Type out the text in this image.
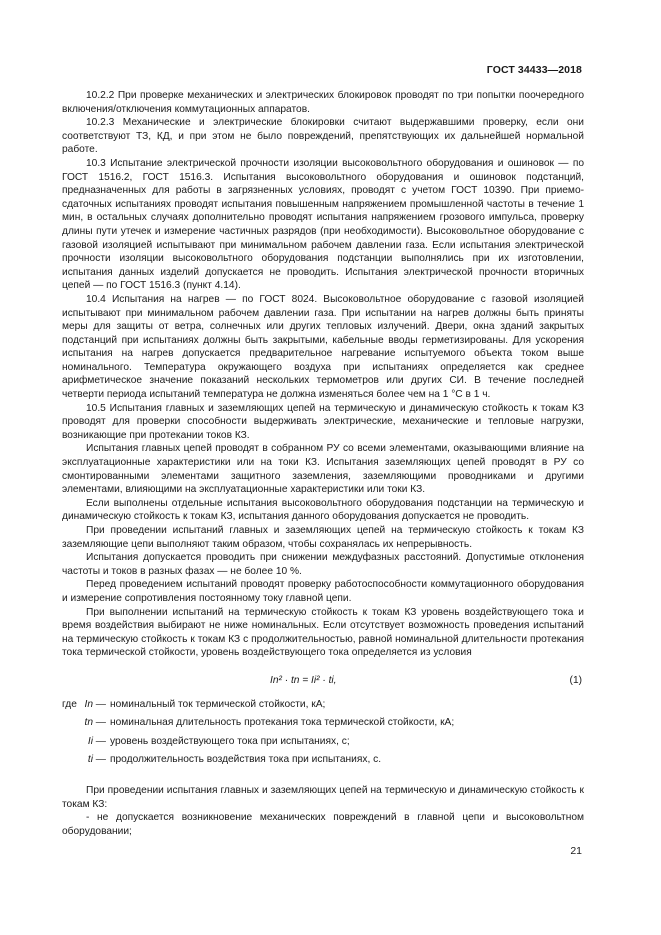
ГОСТ 34433—2018

10.2.2 При проверке механических и электрических блокировок проводят по три попытки поочередного включения/отключения коммутационных аппаратов.

10.2.3 Механические и электрические блокировки считают выдержавшими проверку, если они соответствуют ТЗ, КД, и при этом не было повреждений, препятствующих их дальнейшей нормальной работе.

10.3 Испытание электрической прочности изоляции высоковольтного оборудования и ошиновок — по ГОСТ 1516.2, ГОСТ 1516.3. Испытания высоковольтного оборудования и ошиновок подстанций, предназначенных для работы в загрязненных условиях, проводят с учетом ГОСТ 10390. При приемо-сдаточных испытаниях проводят испытания повышенным напряжением промышленной частоты в течение 1 мин, в остальных случаях дополнительно проводят испытания напряжением грозового импульса, проверку длины пути утечек и измерение частичных разрядов (при необходимости). Высоковольтное оборудование с газовой изоляцией испытывают при минимальном рабочем давлении газа. Если испытания электрической прочности изоляции высоковольтного оборудования подстанции выполнялись при их изготовлении, испытания данных изделий допускается не проводить. Испытания электрической прочности вторичных цепей — по ГОСТ 1516.3 (пункт 4.14).

10.4 Испытания на нагрев — по ГОСТ 8024. Высоковольтное оборудование с газовой изоляцией испытывают при минимальном рабочем давлении газа. При испытании на нагрев должны быть приняты меры для защиты от ветра, солнечных или других тепловых излучений. Двери, окна зданий закрытых подстанций при испытаниях должны быть закрытыми, кабельные вводы герметизированы. Для ускорения испытания на нагрев допускается предварительное нагревание испытуемого объекта током выше номинального. Температура окружающего воздуха при испытаниях определяется как среднее арифметическое значение показаний нескольких термометров или других СИ. В течение последней четверти периода испытаний температура не должна изменяться более чем на 1 °С в 1 ч.

10.5 Испытания главных и заземляющих цепей на термическую и динамическую стойкость к токам КЗ проводят для проверки способности выдерживать электрические, механические и тепловые нагрузки, возникающие при протекании токов КЗ.

Испытания главных цепей проводят в собранном РУ со всеми элементами, оказывающими влияние на эксплуатационные характеристики или на токи КЗ. Испытания заземляющих цепей проводят в РУ со смонтированными элементами защитного заземления, заземляющими проводниками и другими элементами, влияющими на эксплуатационные характеристики или токи КЗ.

Если выполнены отдельные испытания высоковольтного оборудования подстанции на термическую и динамическую стойкость к токам КЗ, испытания данного оборудования допускается не проводить.

При проведении испытаний главных и заземляющих цепей на термическую стойкость к токам КЗ заземляющие цепи выполняют таким образом, чтобы сохранялась их непрерывность.

Испытания допускается проводить при снижении междуфазных расстояний. Допустимые отклонения частоты и токов в разных фазах — не более 10 %.

Перед проведением испытаний проводят проверку работоспособности коммутационного оборудования и измерение сопротивления постоянному току главной цепи.

При выполнении испытаний на термическую стойкость к токам КЗ уровень воздействующего тока и время воздействия выбирают не ниже номинальных. Если отсутствует возможность проведения испытаний на термическую стойкость к токам КЗ с продолжительностью, равной номинальной длительности протекания тока термической стойкости, уровень воздействующего тока определяется из условия

In² · tn = Ii² · ti,	(1)
где In — номинальный ток термической стойкости, кА;
tn — номинальная длительность протекания тока термической стойкости, кА;
Ii — уровень воздействующего тока при испытаниях, с;
ti — продолжительность воздействия тока при испытаниях, с.

При проведении испытания главных и заземляющих цепей на термическую и динамическую стойкость к токам КЗ:

- не допускается возникновение механических повреждений в главной цепи и высоковольтном оборудовании;

21
